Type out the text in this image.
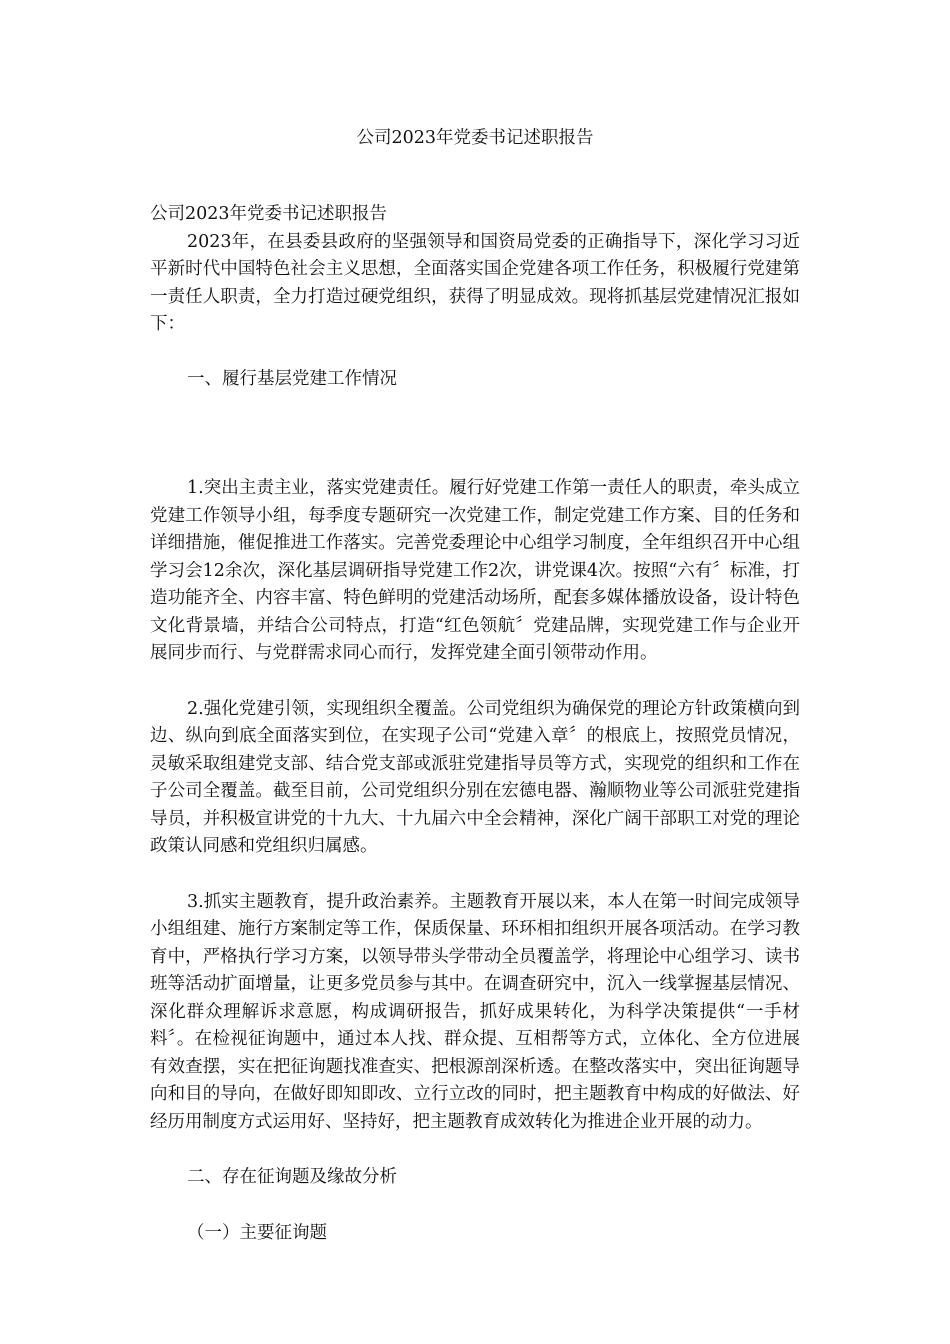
公司2023年党委书记述职报告

公司2023年党委书记述职报告

2023年，在县委县政府的坚强领导和国资局党委的正确指导下，深化学习习近平新时代中国特色社会主义思想，全面落实国企党建各项工作任务，积极履行党建第一责任人职责，全力打造过硬党组织，获得了明显成效。现将抓基层党建情况汇报如下：

一、履行基层党建工作情况

1.突出主责主业，落实党建责任。履行好党建工作第一责任人的职责，牵头成立党建工作领导小组，每季度专题研究一次党建工作，制定党建工作方案、目的任务和详细措施，催促推进工作落实。完善党委理论中心组学习制度，全年组织召开中心组学习会12余次，深化基层调研指导党建工作2次，讲党课4次。按照“六有〞标准，打造功能齐全、内容丰富、特色鲜明的党建活动场所，配套多媒体播放设备，设计特色文化背景墙，并结合公司特点，打造“红色领航〞党建品牌，实现党建工作与企业开展同步而行、与党群需求同心而行，发挥党建全面引领带动作用。

2.强化党建引领，实现组织全覆盖。公司党组织为确保党的理论方针政策横向到边、纵向到底全面落实到位，在实现子公司“党建入章〞的根底上，按照党员情况，灵敏采取组建党支部、结合党支部或派驻党建指导员等方式，实现党的组织和工作在子公司全覆盖。截至目前，公司党组织分别在宏德电器、瀚顺物业等公司派驻党建指导员，并积极宣讲党的十九大、十九届六中全会精神，深化广阔干部职工对党的理论政策认同感和党组织归属感。

3.抓实主题教育，提升政治素养。主题教育开展以来，本人在第一时间完成领导小组组建、施行方案制定等工作，保质保量、环环相扣组织开展各项活动。在学习教育中，严格执行学习方案，以领导带头学带动全员覆盖学，将理论中心组学习、读书班等活动扩面增量，让更多党员参与其中。在调查研究中，沉入一线掌握基层情况、深化群众理解诉求意愿，构成调研报告，抓好成果转化，为科学决策提供“一手材料〞。在检视征询题中，通过本人找、群众提、互相帮等方式，立体化、全方位进展有效查摆，实在把征询题找准查实、把根源剖深析透。在整改落实中，突出征询题导向和目的导向，在做好即知即改、立行立改的同时，把主题教育中构成的好做法、好经历用制度方式运用好、坚持好，把主题教育成效转化为推进企业开展的动力。

二、存在征询题及缘故分析

（一）主要征询题
